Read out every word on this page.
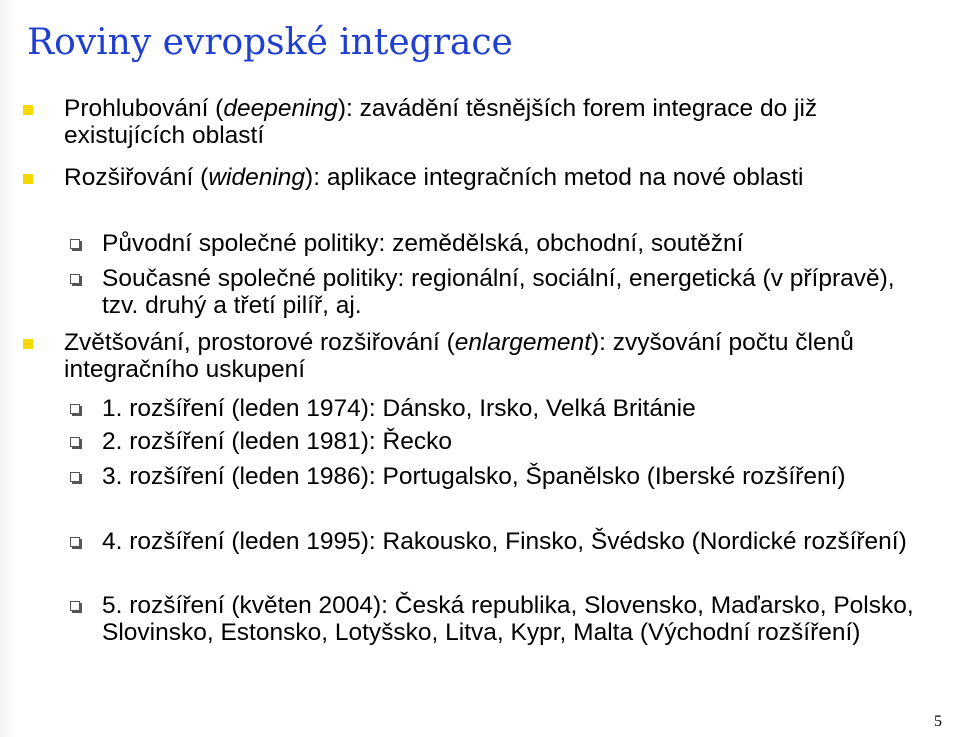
Roviny evropské integrace
Prohlubování (deepening): zavádění těsnějších forem integrace do již existujících oblastí
Rozšiřování (widening): aplikace integračních metod na nové oblasti
Původní společné politiky: zemědělská, obchodní, soutěžní
Současné společné politiky: regionální, sociální, energetická (v přípravě), tzv. druhý a třetí pilíř, aj.
Zvětšování, prostorové rozšiřování (enlargement): zvyšování počtu členů integračního uskupení
1. rozšíření (leden 1974): Dánsko, Irsko, Velká Británie
2. rozšíření (leden 1981): Řecko
3. rozšíření (leden 1986): Portugalsko, Španělsko (Iberské rozšíření)
4. rozšíření (leden 1995): Rakousko, Finsko, Švédsko (Nordické rozšíření)
5. rozšíření (květen 2004): Česká republika, Slovensko, Maďarsko, Polsko, Slovinsko, Estonsko, Lotyšsko, Litva, Kypr, Malta (Východní rozšíření)
5
